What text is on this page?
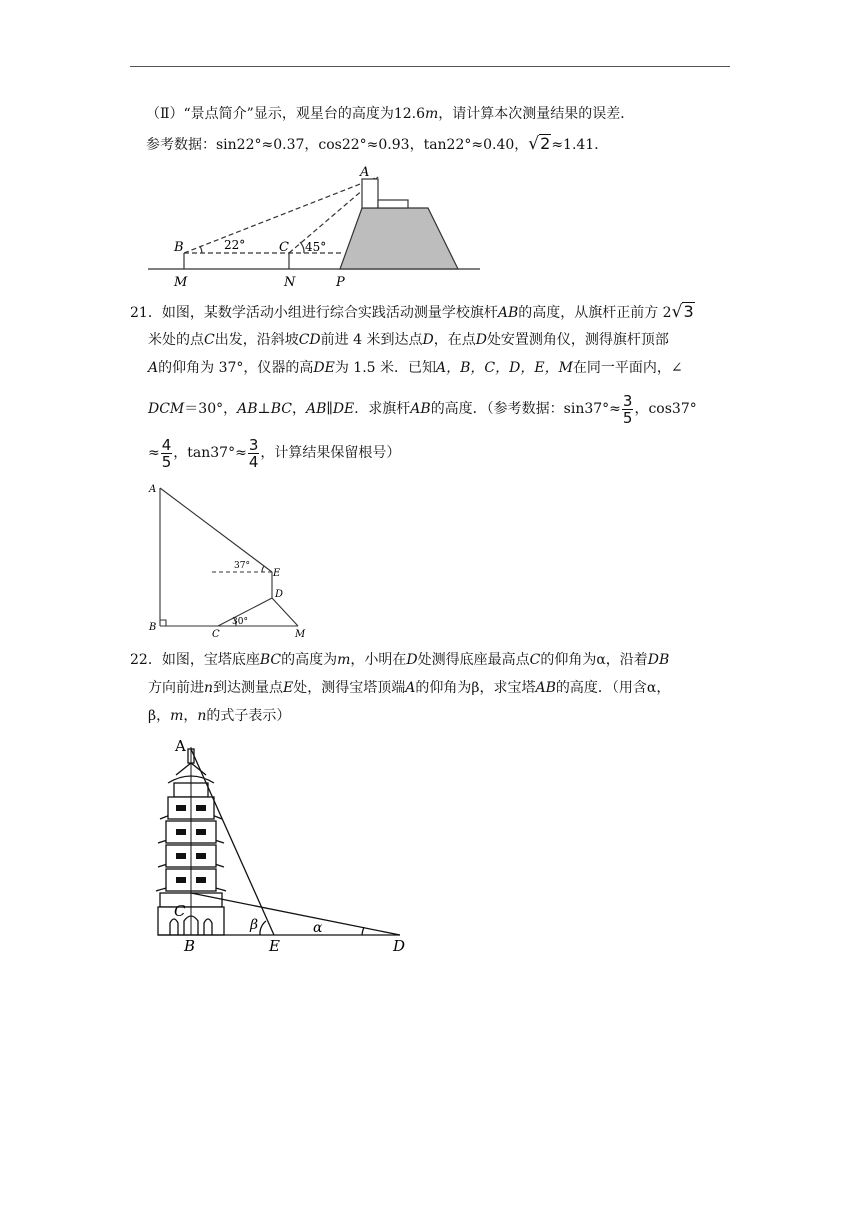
（Ⅱ）“景点简介”显示，观星台的高度为12.6m，请计算本次测量结果的误差．
参考数据：sin22°≈0.37，cos22°≈0.93，tan22°≈0.40，√2≈1.41．
A
B	C
M	N	P
22°	45°
21．如图，某数学活动小组进行综合实践活动测量学校旗杆AB的高度，从旗杆正前方 2√3
米处的点C出发，沿斜坡CD前进 4 米到达点D，在点D处安置测角仪，测得旗杆顶部
A的仰角为 37°，仪器的高DE为 1.5 米．已知A，B，C，D，E，M在同一平面内，∠
DCM＝30°，AB⊥BC，AB∥DE．求旗杆AB的高度．（参考数据：$\sin 37^\circ\approx \frac{3}{5}$ ，cos37°
≈ $\frac{4}{5}$ ，$\tan 37^\circ\approx \frac{3}{4}$ ，计算结果保留根号）
A
B
C
D
E
M
37°
30°
22．如图，宝塔底座BC的高度为m，小明在D处测得底座最高点C的仰角为α，沿着DB
方向前进n到达测量点E处，测得宝塔顶端A的仰角为β，求宝塔AB的高度．（用含α，
β，m，n的式子表示）
A
C
B	E	D
β	α
